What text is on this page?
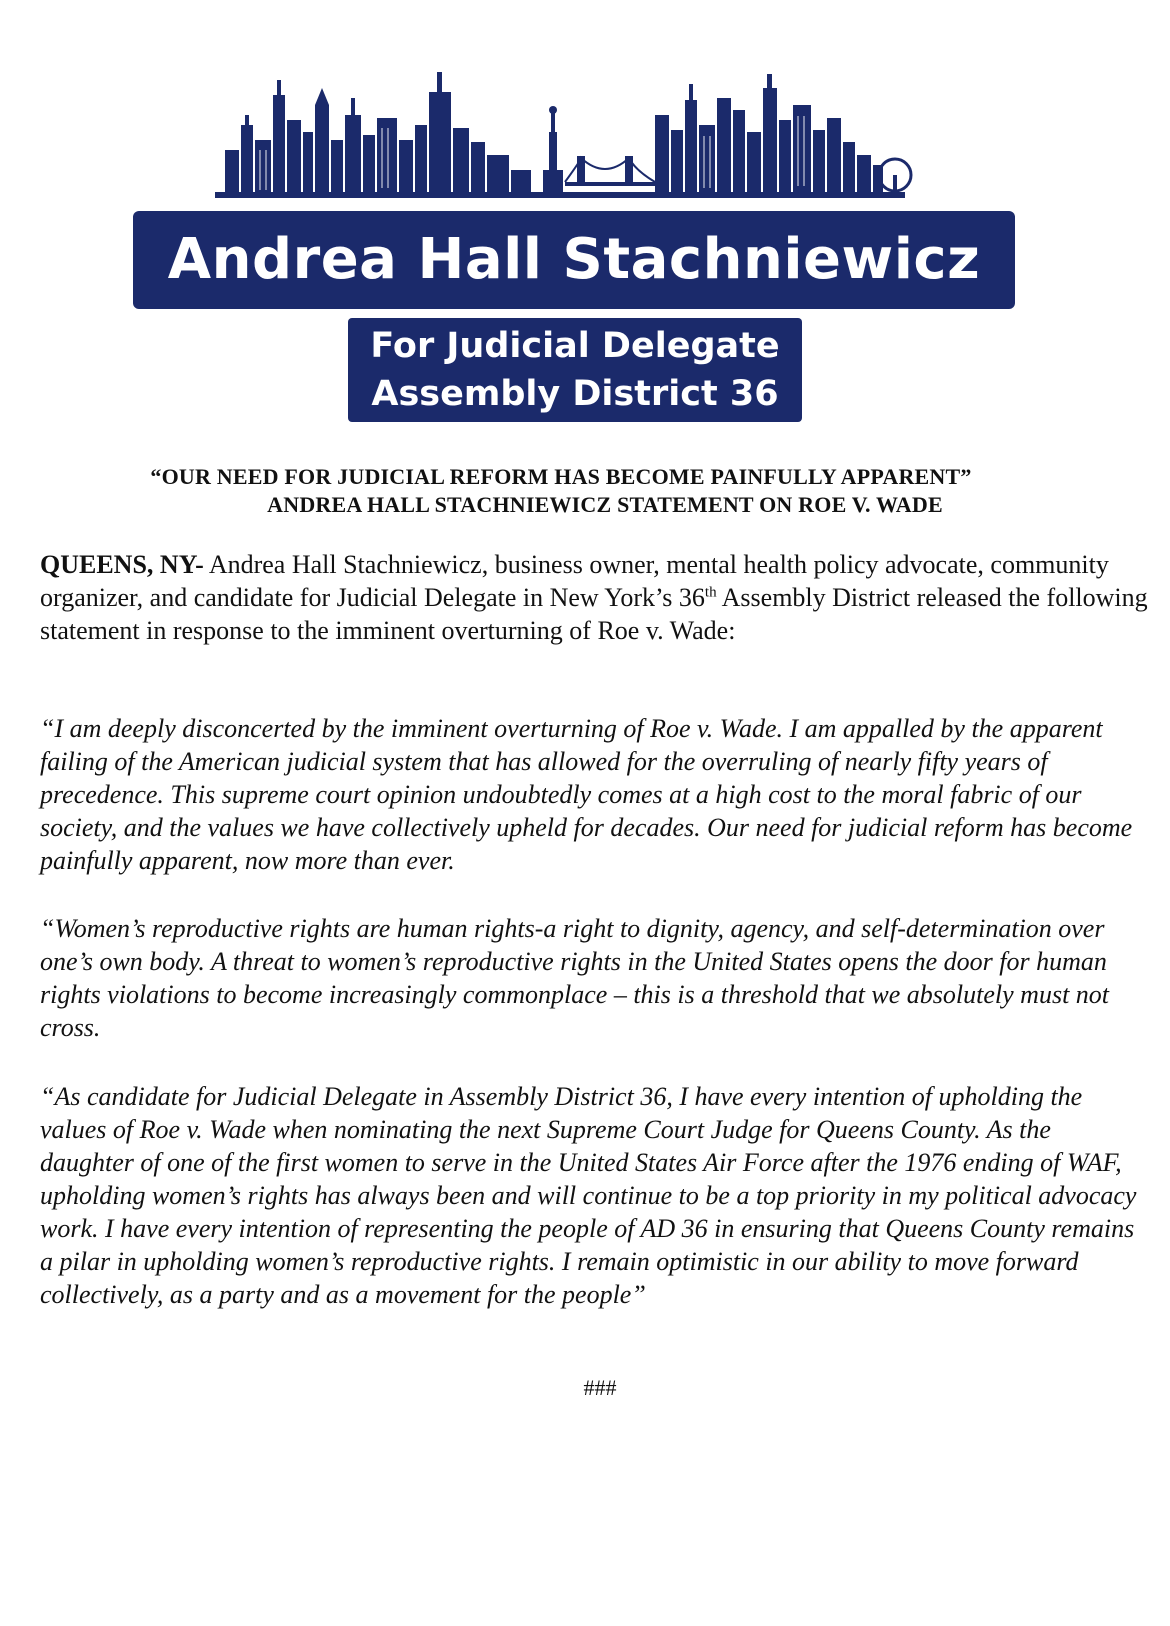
Andrea Hall Stachniewicz
For Judicial Delegate
Assembly District 36
“OUR NEED FOR JUDICIAL REFORM HAS BECOME PAINFULLY APPARENT”
ANDREA HALL STACHNIEWICZ STATEMENT ON ROE V. WADE

QUEENS, NY- Andrea Hall Stachniewicz, business owner, mental health policy advocate, community organizer, and candidate for Judicial Delegate in New York’s 36th Assembly District released the following statement in response to the imminent overturning of Roe v. Wade:

“I am deeply disconcerted by the imminent overturning of Roe v. Wade. I am appalled by the apparent failing of the American judicial system that has allowed for the overruling of nearly fifty years of precedence. This supreme court opinion undoubtedly comes at a high cost to the moral fabric of our society, and the values we have collectively upheld for decades. Our need for judicial reform has become painfully apparent, now more than ever.

“Women’s reproductive rights are human rights-a right to dignity, agency, and self-determination over one’s own body. A threat to women’s reproductive rights in the United States opens the door for human rights violations to become increasingly commonplace – this is a threshold that we absolutely must not cross.

“As candidate for Judicial Delegate in Assembly District 36, I have every intention of upholding the values of Roe v. Wade when nominating the next Supreme Court Judge for Queens County. As the daughter of one of the first women to serve in the United States Air Force after the 1976 ending of WAF, upholding women’s rights has always been and will continue to be a top priority in my political advocacy work. I have every intention of representing the people of AD 36 in ensuring that Queens County remains a pilar in upholding women’s reproductive rights. I remain optimistic in our ability to move forward collectively, as a party and as a movement for the people”

###
